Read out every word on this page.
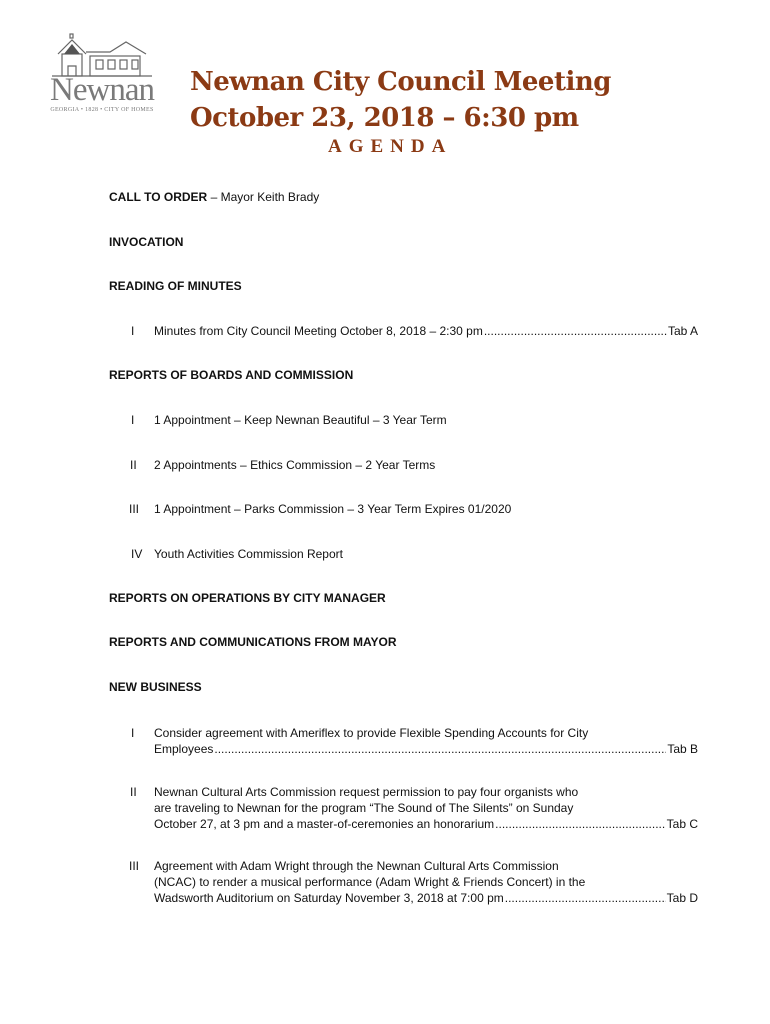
Newnan
GEORGIA • 1828 • CITY OF HOMES
Newnan City Council Meeting
October 23, 2018 – 6:30 pm
AGENDA
CALL TO ORDER – Mayor Keith Brady
INVOCATION
READING OF MINUTES
I	Minutes from City Council Meeting October 8, 2018 – 2:30 pm .....	Tab A
REPORTS OF BOARDS AND COMMISSION
I	1 Appointment – Keep Newnan Beautiful – 3 Year Term
II	2 Appointments – Ethics Commission – 2 Year Terms
III	1 Appointment – Parks Commission – 3 Year Term Expires 01/2020
IV Youth Activities Commission Report
REPORTS ON OPERATIONS BY CITY MANAGER
REPORTS AND COMMUNICATIONS FROM MAYOR
NEW BUSINESS
I	Consider agreement with Ameriflex to provide Flexible Spending Accounts for City
Employees .....	Tab B
II	Newnan Cultural Arts Commission request permission to pay four organists who
are traveling to Newnan for the program “The Sound of The Silents” on Sunday
October 27, at 3 pm and a master-of-ceremonies an honorarium .....	Tab C
III	Agreement with Adam Wright through the Newnan Cultural Arts Commission
(NCAC) to render a musical performance (Adam Wright & Friends Concert) in the
Wadsworth Auditorium on Saturday November 3, 2018 at 7:00 pm .....	Tab D
